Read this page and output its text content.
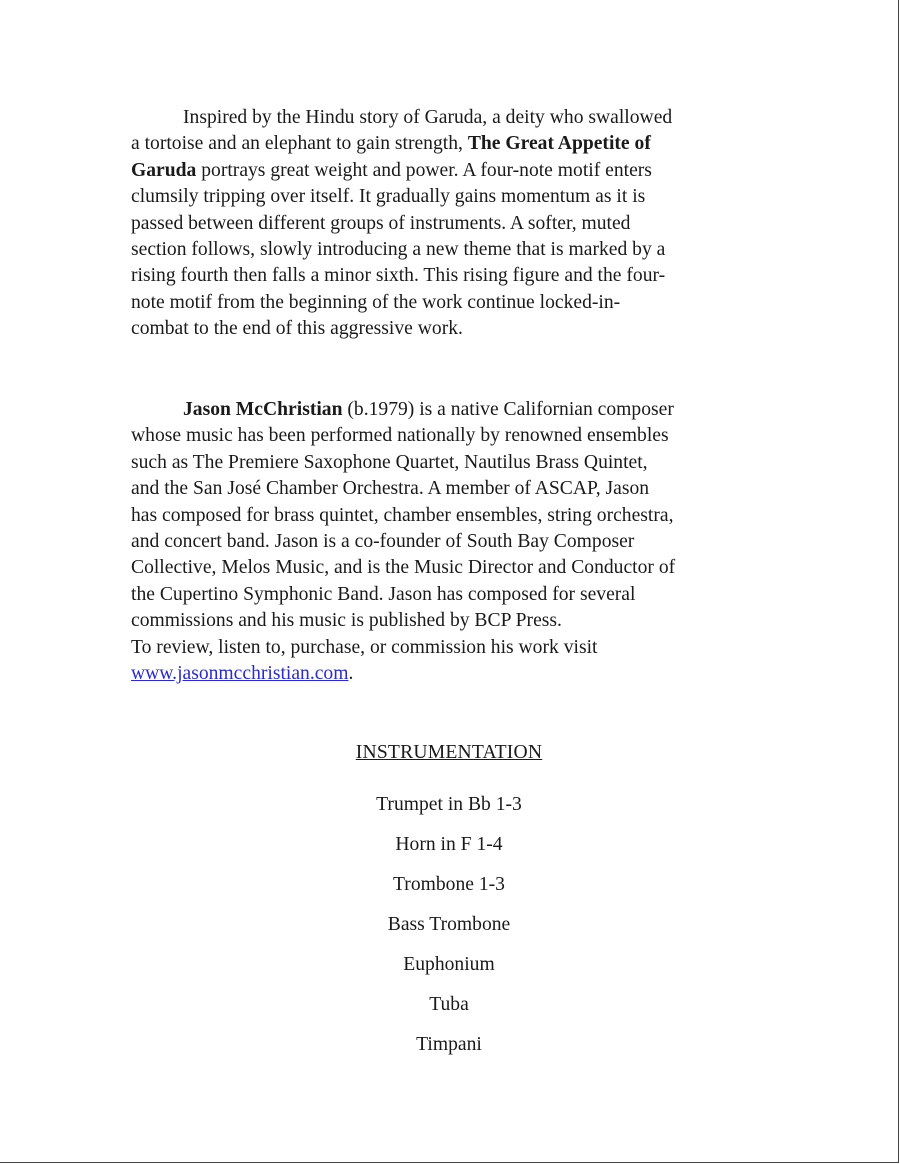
Inspired by the Hindu story of Garuda, a deity who swallowed
a tortoise and an elephant to gain strength, The Great Appetite of
Garuda portrays great weight and power. A four-note motif enters
clumsily tripping over itself. It gradually gains momentum as it is
passed between different groups of instruments. A softer, muted
section follows, slowly introducing a new theme that is marked by a
rising fourth then falls a minor sixth. This rising figure and the four-
note motif from the beginning of the work continue locked-in-
combat to the end of this aggressive work.

Jason McChristian (b.1979) is a native Californian composer
whose music has been performed nationally by renowned ensembles
such as The Premiere Saxophone Quartet, Nautilus Brass Quintet,
and the San José Chamber Orchestra. A member of ASCAP, Jason
has composed for brass quintet, chamber ensembles, string orchestra,
and concert band. Jason is a co-founder of South Bay Composer
Collective, Melos Music, and is the Music Director and Conductor of
the Cupertino Symphonic Band. Jason has composed for several
commissions and his music is published by BCP Press.
To review, listen to, purchase, or commission his work visit
www.jasonmcchristian.com.

INSTRUMENTATION
Trumpet in Bb 1-3
Horn in F 1-4
Trombone 1-3
Bass Trombone
Euphonium
Tuba
Timpani
